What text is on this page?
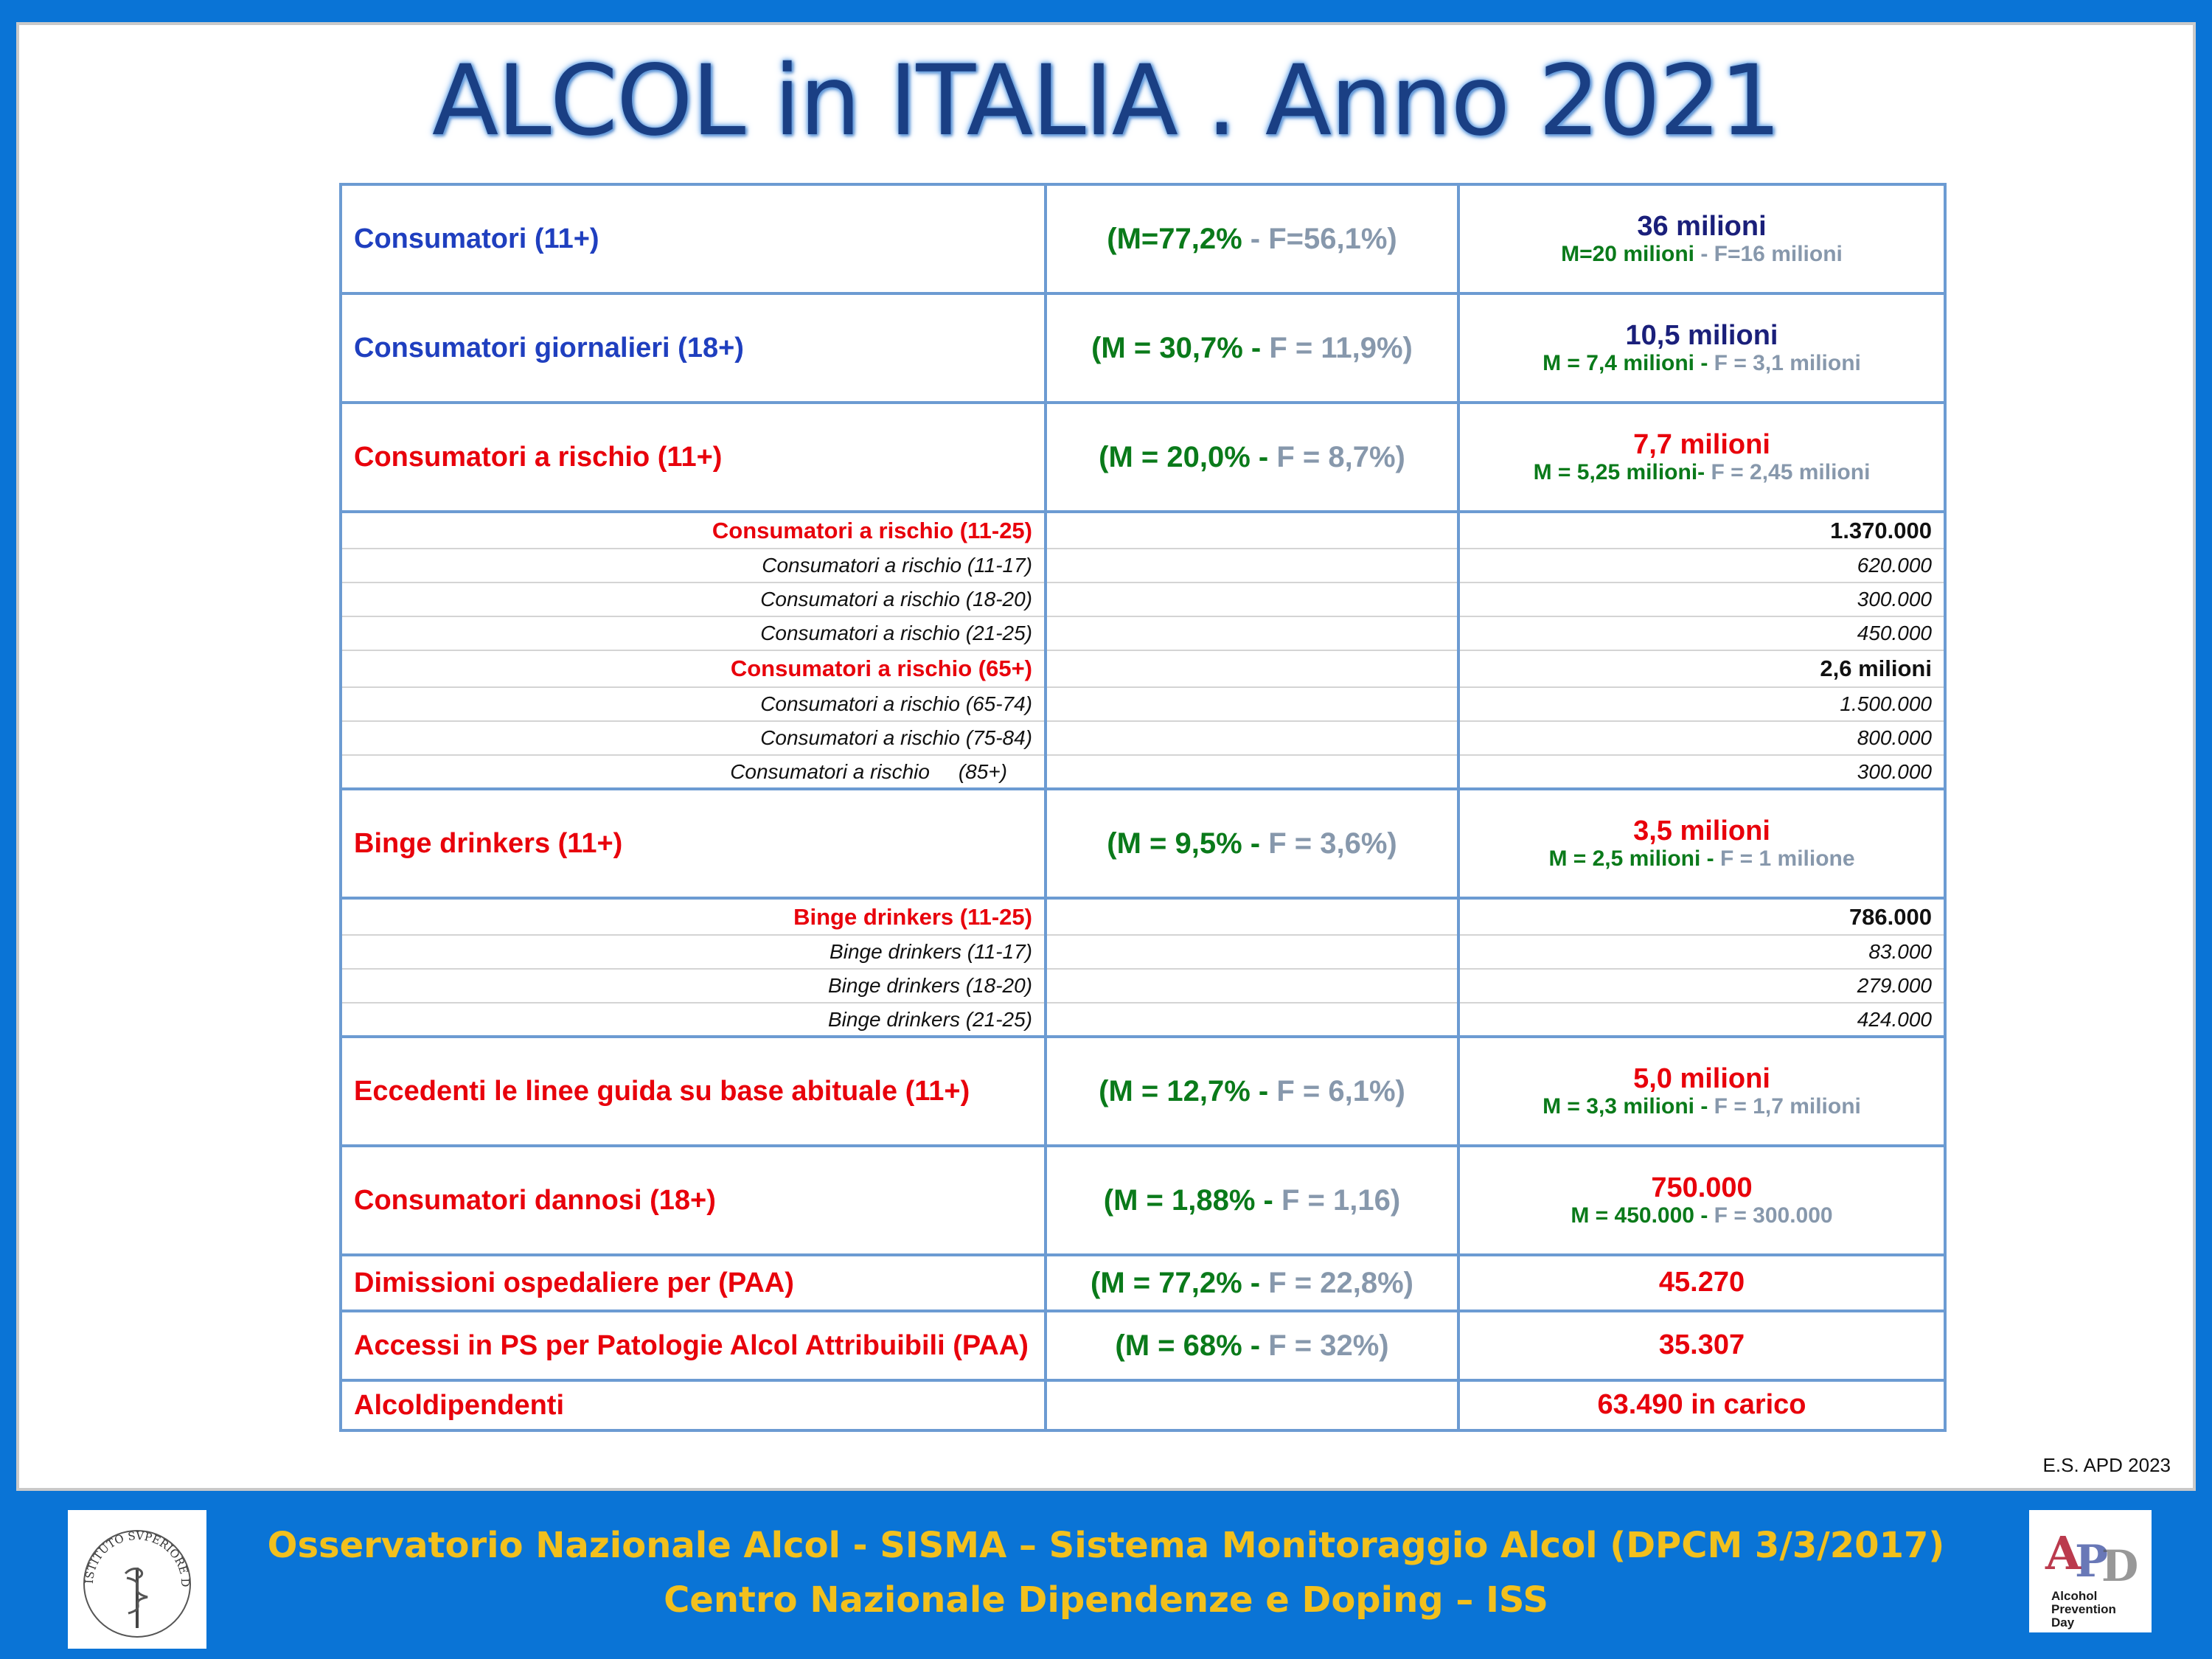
ALCOL in ITALIA . Anno 2021
Consumatori (11+)	(M=77,2% - F=56,1%)	36 milioni
M=20 milioni - F=16 milioni

Consumatori giornalieri (18+)	(M = 30,7% - F = 11,9%)	10,5 milioni
M = 7,4 milioni - F = 3,1 milioni

Consumatori a rischio (11+)	(M = 20,0% - F = 8,7%)	7,7 milioni
M = 5,25 milioni- F = 2,45 milioni

Consumatori a rischio (11-25)		1.370.000
Consumatori a rischio (11-17)		620.000
Consumatori a rischio (18-20)		300.000
Consumatori a rischio (21-25)		450.000
Consumatori a rischio (65+)		2,6 milioni
Consumatori a rischio (65-74)		1.500.000
Consumatori a rischio (75-84)		800.000
Consumatori a rischio     (85+)		300.000
Binge drinkers (11+)	(M = 9,5% - F = 3,6%)	3,5 milioni
M = 2,5 milioni - F = 1 milione

Binge drinkers (11-25)		786.000
Binge drinkers (11-17)		83.000
Binge drinkers (18-20)		279.000
Binge drinkers (21-25)		424.000
Eccedenti le linee guida su base abituale (11+)	(M = 12,7% - F = 6,1%)	5,0 milioni
M = 3,3 milioni - F = 1,7 milioni

Consumatori dannosi (18+)	(M = 1,88% - F = 1,16)	750.000
M = 450.000 - F = 300.000

Dimissioni ospedaliere per (PAA)	(M = 77,2% - F = 22,8%)	45.270

Accessi in PS per Patologie Alcol Attribuibili (PAA)	(M = 68% - F = 32%)	35.307

Alcoldipendenti		63.490 in carico
E.S. APD 2023
ISTITUTO SVPERIORE D
A
P
D
Alcohol
Prevention
Day
Osservatorio Nazionale Alcol - SISMA – Sistema Monitoraggio Alcol (DPCM 3/3/2017)
Centro Nazionale Dipendenze e Doping – ISS
